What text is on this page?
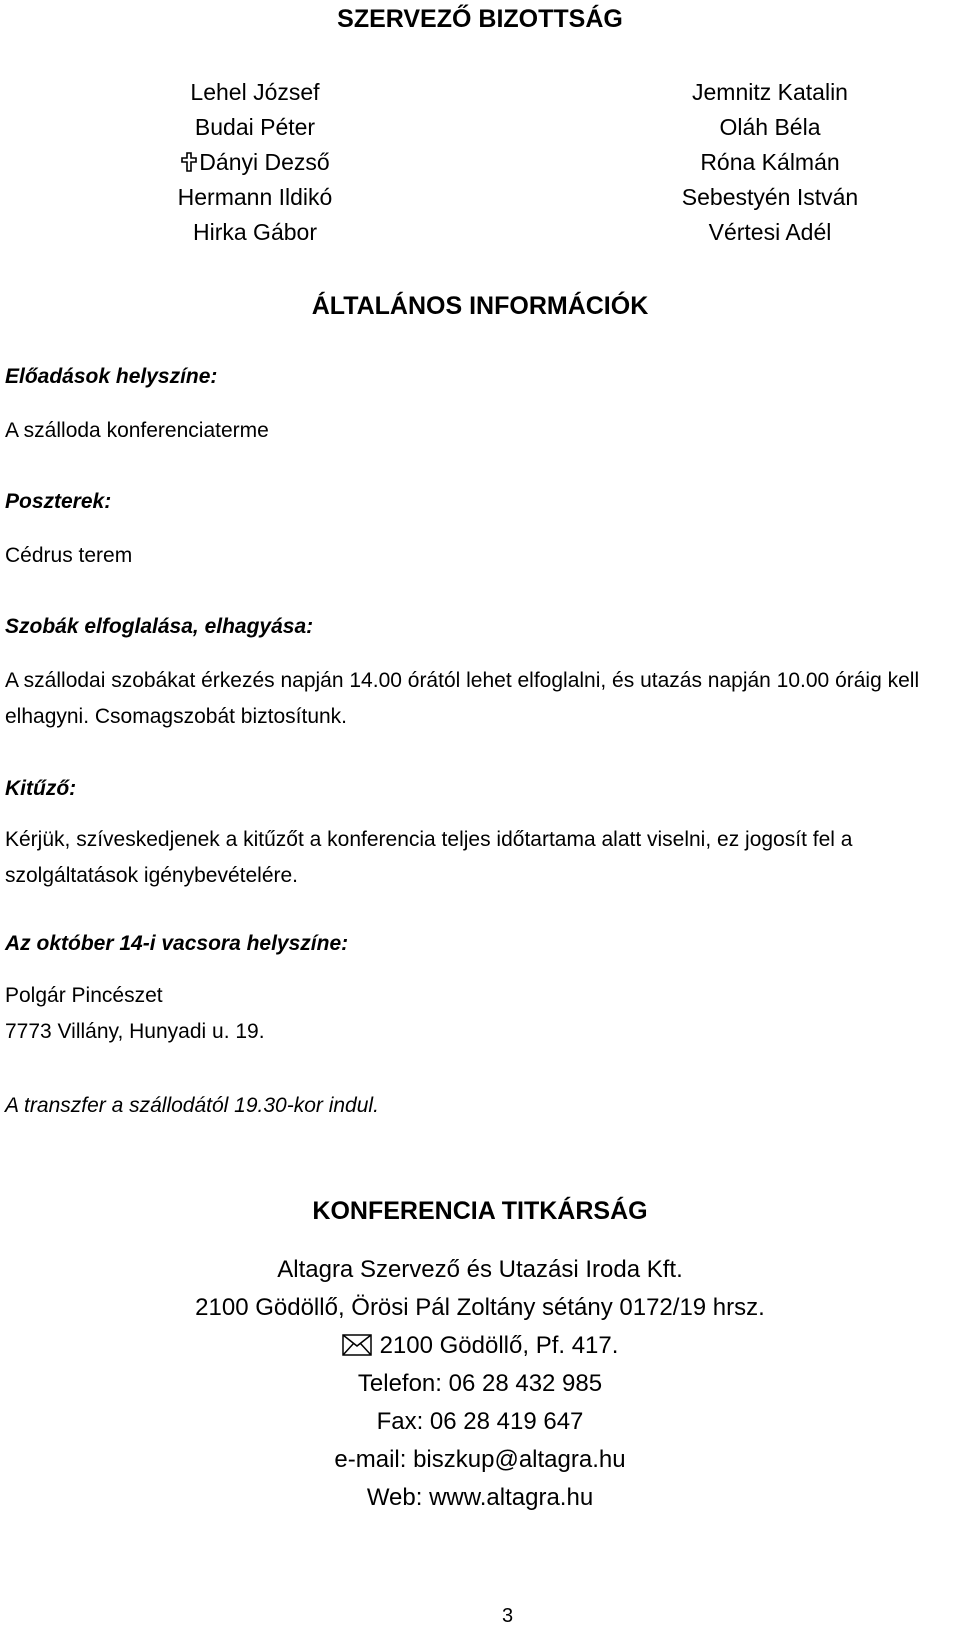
SZERVEZŐ BIZOTTSÁG
Lehel József
Budai Péter
Dányi Dezső
Hermann Ildikó
Hirka Gábor
Jemnitz Katalin
Oláh Béla
Róna Kálmán
Sebestyén István
Vértesi Adél
ÁLTALÁNOS INFORMÁCIÓK
Előadások helyszíne:
A szálloda konferenciaterme
Poszterek:
Cédrus terem
Szobák elfoglalása, elhagyása:
A szállodai szobákat érkezés napján 14.00 órától lehet elfoglalni, és utazás napján 10.00 óráig kell elhagyni. Csomagszobát biztosítunk.
Kitűző:
Kérjük, szíveskedjenek a kitűzőt a konferencia teljes időtartama alatt viselni, ez jogosít fel a szolgáltatások igénybevételére.
Az október 14-i vacsora helyszíne:
Polgár Pincészet
7773 Villány, Hunyadi u. 19.
A transzfer a szállodától 19.30-kor indul.
KONFERENCIA TITKÁRSÁG
Altagra Szervező és Utazási Iroda Kft.
2100 Gödöllő, Örösi Pál Zoltány sétány 0172/19 hrsz.
2100 Gödöllő, Pf. 417.
Telefon: 06 28 432 985
Fax: 06 28 419 647
e-mail: biszkup@altagra.hu
Web: www.altagra.hu
3
